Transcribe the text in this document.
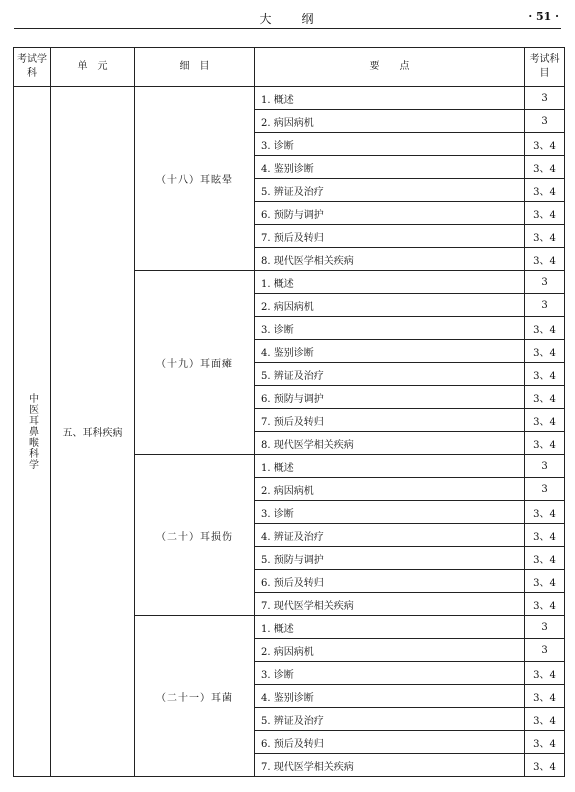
大　　纲	· 51 ·
考试学科	单　元	细　目	要　　点	考试科目
中医耳鼻喉科学	五、耳科疾病	（十八）耳眩晕	1. 概述	3
			2. 病因病机	3
			3. 诊断	3、4
			4. 鉴别诊断	3、4
			5. 辨证及治疗	3、4
			6. 预防与调护	3、4
			7. 预后及转归	3、4
			8. 现代医学相关疾病	3、4
		（十九）耳面瘫	1. 概述	3
			2. 病因病机	3
			3. 诊断	3、4
			4. 鉴别诊断	3、4
			5. 辨证及治疗	3、4
			6. 预防与调护	3、4
			7. 预后及转归	3、4
			8. 现代医学相关疾病	3、4
		（二十）耳损伤	1. 概述	3
			2. 病因病机	3
			3. 诊断	3、4
			4. 辨证及治疗	3、4
			5. 预防与调护	3、4
			6. 预后及转归	3、4
			7. 现代医学相关疾病	3、4
		（二十一）耳菌	1. 概述	3
			2. 病因病机	3
			3. 诊断	3、4
			4. 鉴别诊断	3、4
			5. 辨证及治疗	3、4
			6. 预后及转归	3、4
			7. 现代医学相关疾病	3、4
